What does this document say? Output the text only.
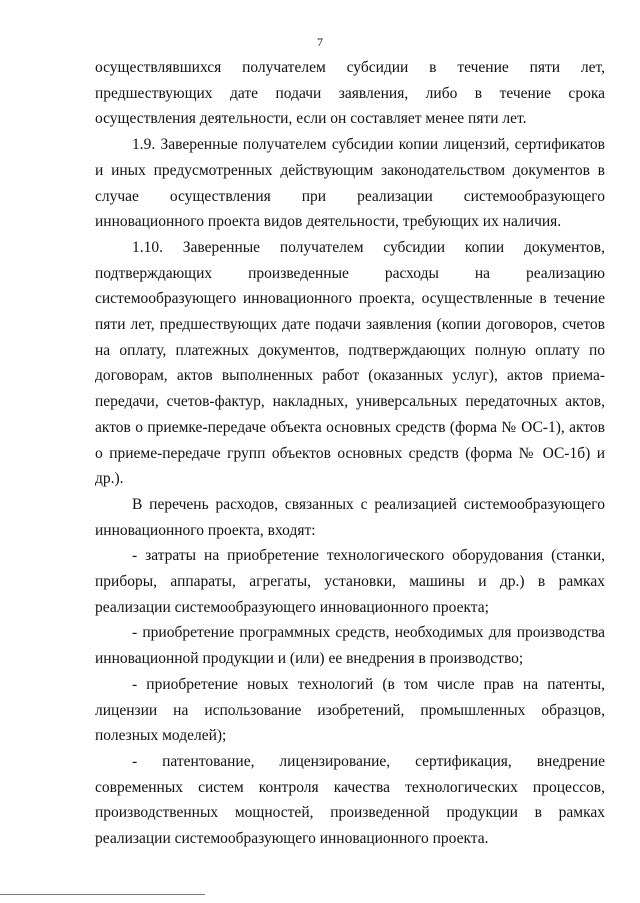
7

осуществлявшихся получателем субсидии в течение пяти лет, предшествующих дате подачи заявления, либо в течение срока осуществления деятельности, если он составляет менее пяти лет.

1.9. Заверенные получателем субсидии копии лицензий, сертификатов и иных предусмотренных действующим законодательством документов в случае осуществления при реализации системообразующего инновационного проекта видов деятельности, требующих их наличия.

1.10. Заверенные получателем субсидии копии документов, подтверждающих произведенные расходы на реализацию системообразующего инновационного проекта, осуществленные в течение пяти лет, предшествующих дате подачи заявления (копии договоров, счетов на оплату, платежных документов, подтверждающих полную оплату по договорам, актов выполненных работ (оказанных услуг), актов приема-передачи, счетов-фактур, накладных, универсальных передаточных актов, актов о приемке-передаче объекта основных средств (форма № ОС-1), актов о приеме-передаче групп объектов основных средств (форма № ОС-1б) и др.).

В перечень расходов, связанных с реализацией системообразующего инновационного проекта, входят:

- затраты на приобретение технологического оборудования (станки, приборы, аппараты, агрегаты, установки, машины и др.) в рамках реализации системообразующего инновационного проекта;

- приобретение программных средств, необходимых для производства инновационной продукции и (или) ее внедрения в производство;

- приобретение новых технологий (в том числе прав на патенты, лицензии на использование изобретений, промышленных образцов, полезных моделей);

- патентование, лицензирование, сертификация, внедрение современных систем контроля качества технологических процессов, производственных мощностей, произведенной продукции в рамках реализации системообразующего инновационного проекта.
